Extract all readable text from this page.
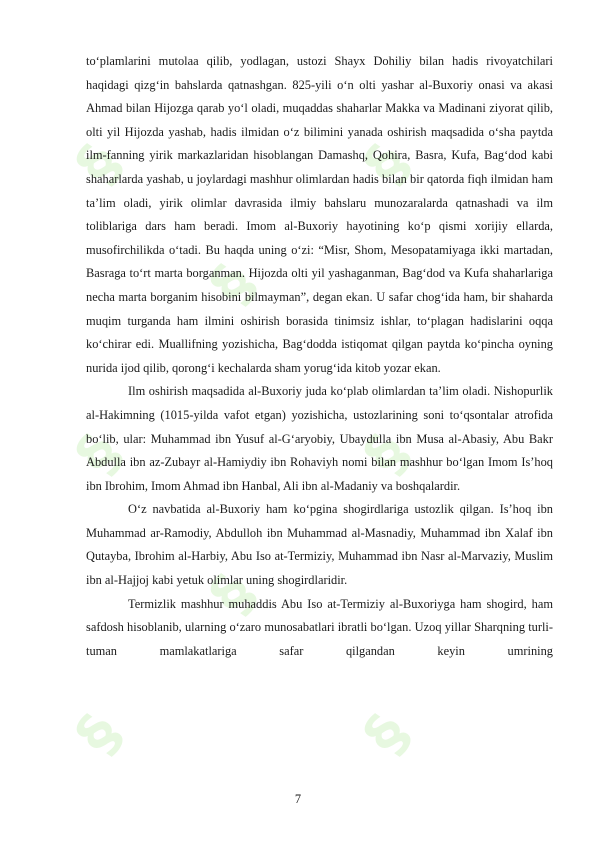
§
§
§
§	§
§	§
§

to‘plamlarini mutolaa qilib, yodlagan, ustozi Shayx Dohiliy bilan hadis rivoyatchilari haqidagi qizg‘in bahslarda qatnashgan. 825-yili o‘n olti yashar al-Buxoriy onasi va akasi Ahmad bilan Hijozga qarab yo‘l oladi, muqaddas shaharlar Makka va Madinani ziyorat qilib, olti yil Hijozda yashab, hadis ilmidan o‘z bilimini yanada oshirish maqsadida o‘sha paytda ilm-fanning yirik markazlaridan hisoblangan Damashq, Qohira, Basra, Kufa, Bag‘dod kabi shaharlarda yashab, u joylardagi mashhur olimlardan hadis bilan bir qatorda fiqh ilmidan ham ta’lim oladi, yirik olimlar davrasida ilmiy bahslaru munozaralarda qatnashadi va ilm toliblariga dars ham beradi. Imom al-Buxoriy hayotining ko‘p qismi xorijiy ellarda, musofirchilikda o‘tadi. Bu haqda uning o‘zi: “Misr, Shom, Mesopatamiyaga ikki martadan, Basraga to‘rt marta borganman. Hijozda olti yil yashaganman, Bag‘dod va Kufa shaharlariga necha marta borganim hisobini bilmayman”, degan ekan. U safar chog‘ida ham, bir shaharda muqim turganda ham ilmini oshirish borasida tinimsiz ishlar, to‘plagan hadislarini oqqa ko‘chirar edi. Muallifning yozishicha, Bag‘dodda istiqomat qilgan paytda ko‘pincha oyning nurida ijod qilib, qorong‘i kechalarda sham yorug‘ida kitob yozar ekan.

Ilm oshirish maqsadida al-Buxoriy juda ko‘plab olimlardan ta’lim oladi. Nishopurlik al-Hakimning (1015-yilda vafot etgan) yozishicha, ustozlarining soni to‘qsontalar atrofida bo‘lib, ular: Muhammad ibn Yusuf al-G‘aryobiy, Ubaydulla ibn Musa al-Abasiy, Abu Bakr Abdulla ibn az-Zubayr al-Hamiydiy ibn Rohaviyh nomi bilan mashhur bo‘lgan Imom Is’hoq ibn Ibrohim, Imom Ahmad ibn Hanbal, Ali ibn al-Madaniy va boshqalardir.

O‘z navbatida al-Buxoriy ham ko‘pgina shogirdlariga ustozlik qilgan. Is’hoq ibn Muhammad ar-Ramodiy, Abdulloh ibn Muhammad al-Masnadiy, Muhammad ibn Xalaf ibn Qutayba, Ibrohim al-Harbiy, Abu Iso at-Termiziy, Muhammad ibn Nasr al-Marvaziy, Muslim ibn al-Hajjoj kabi yetuk olimlar uning shogirdlaridir.

Termizlik mashhur muhaddis Abu Iso at-Termiziy al-Buxoriyga ham shogird, ham safdosh hisoblanib, ularning o‘zaro munosabatlari ibratli bo‘lgan. Uzoq yillar Sharqning turli-tuman mamlakatlariga safar qilgandan keyin umrining

7
